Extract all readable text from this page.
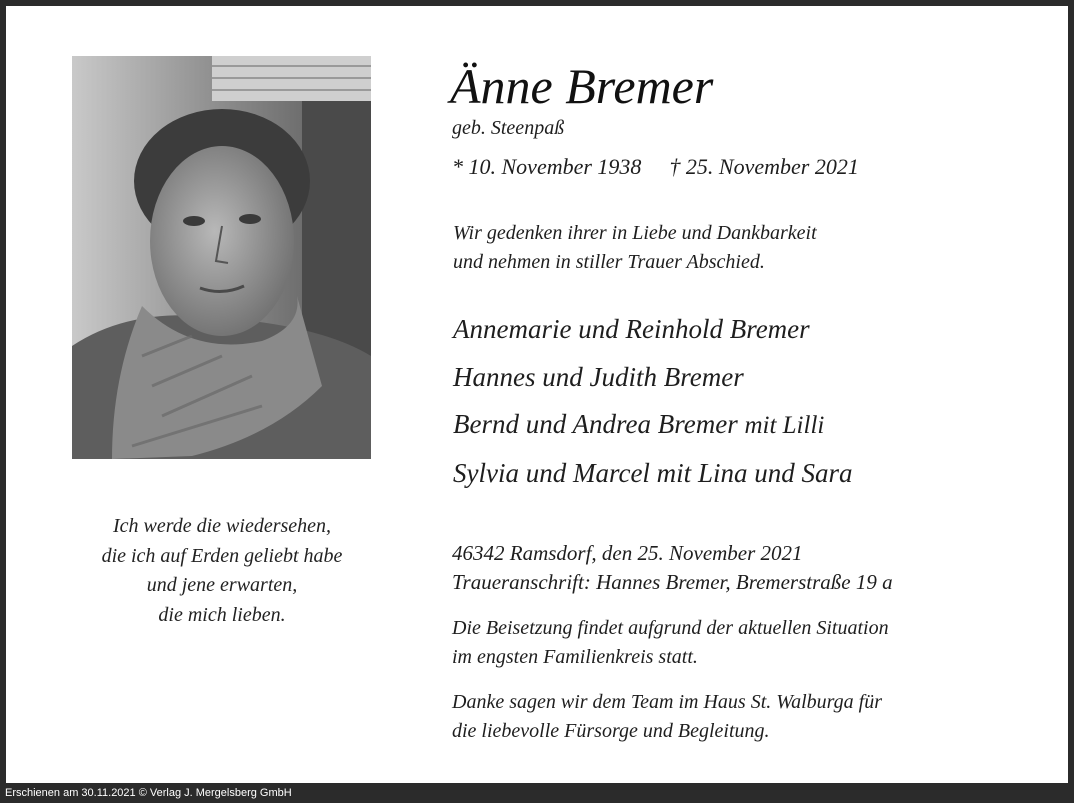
Ich werde die wiedersehen,
die ich auf Erden geliebt habe
und jene erwarten,
die mich lieben.
Änne Bremer
geb. Steenpaß
* 10. November 1938 † 25. November 2021
Wir gedenken ihrer in Liebe und Dankbarkeit
und nehmen in stiller Trauer Abschied.
Annemarie und Reinhold Bremer
Hannes und Judith Bremer
Bernd und Andrea Bremer mit Lilli
Sylvia und Marcel mit Lina und Sara
46342 Ramsdorf, den 25. November 2021
Traueranschrift: Hannes Bremer, Bremerstraße 19 a
Die Beisetzung findet aufgrund der aktuellen Situation
im engsten Familienkreis statt.
Danke sagen wir dem Team im Haus St. Walburga für
die liebevolle Fürsorge und Begleitung.
Erschienen am 30.11.2021 © Verlag J. Mergelsberg GmbH
